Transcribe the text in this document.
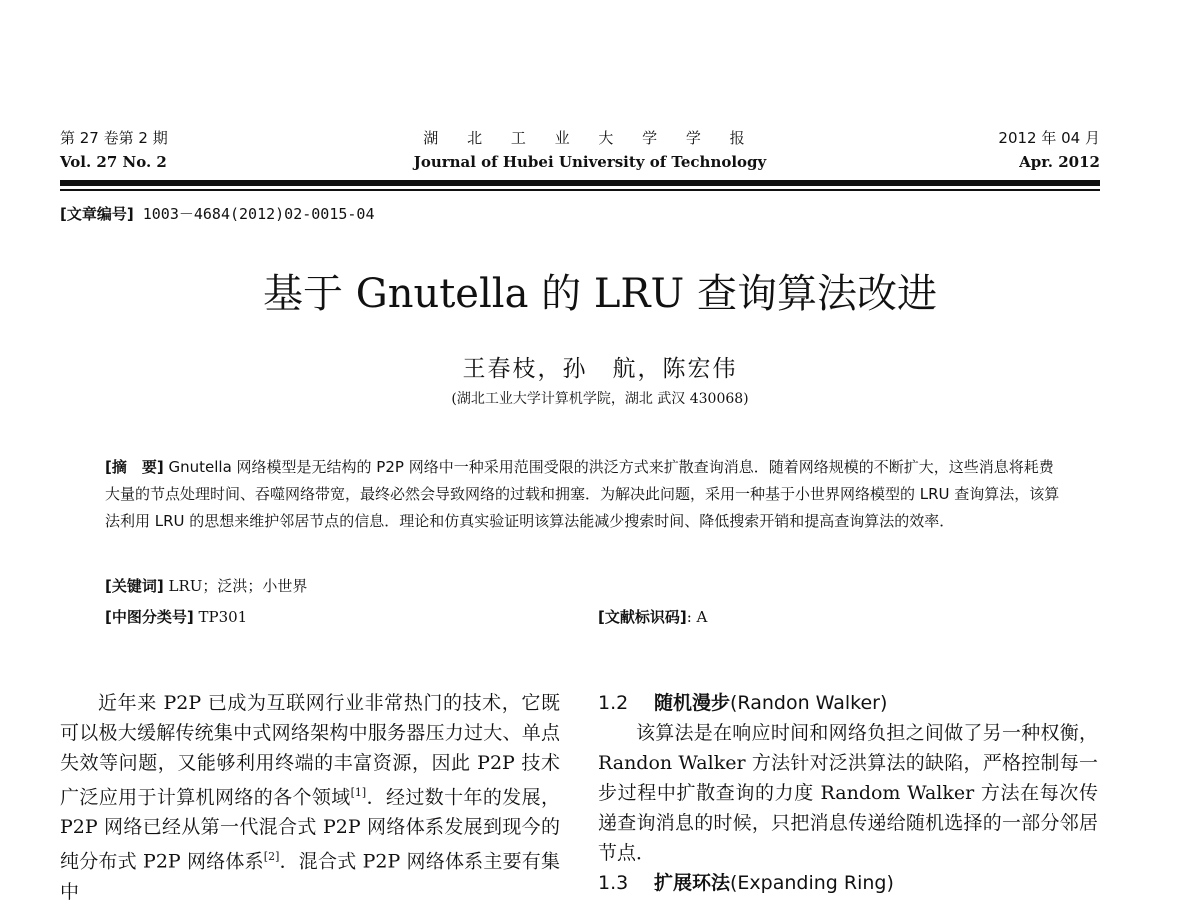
第 27 卷第 2 期
Vol. 27 No. 2
湖 北 工 业 大 学 学 报
Journal of Hubei University of Technology
2012 年 04 月
Apr. 2012
[文章编号] 1003－4684(2012)02-0015-04
基于 Gnutella 的 LRU 查询算法改进
王春枝，孙　航，陈宏伟
(湖北工业大学计算机学院，湖北 武汉 430068)
[摘　要] Gnutella 网络模型是无结构的 P2P 网络中一种采用范围受限的洪泛方式来扩散查询消息．随着网络规模的不断扩大，这些消息将耗费大量的节点处理时间、吞噬网络带宽，最终必然会导致网络的过载和拥塞．为解决此问题，采用一种基于小世界网络模型的 LRU 查询算法，该算法利用 LRU 的思想来维护邻居节点的信息．理论和仿真实验证明该算法能减少搜索时间、降低搜索开销和提高查询算法的效率．
[关键词] LRU；泛洪；小世界
[中图分类号] TP301	[文献标识码]: A

近年来 P2P 已成为互联网行业非常热门的技术，它既可以极大缓解传统集中式网络架构中服务器压力过大、单点失效等问题，又能够利用终端的丰富资源，因此 P2P 技术广泛应用于计算机网络的各个领域[1]．经过数十年的发展，P2P 网络已经从第一代混合式 P2P 网络体系发展到现今的纯分布式 P2P 网络体系[2]．混合式 P2P 网络体系主要有集中

1.2 随机漫步(Randon Walker)

该算法是在响应时间和网络负担之间做了另一种权衡，Randon Walker 方法针对泛洪算法的缺陷，严格控制每一步过程中扩散查询的力度 Random Walker 方法在每次传递查询消息的时候，只把消息传递给随机选择的一部分邻居节点．

1.3 扩展环法(Expanding Ring)
